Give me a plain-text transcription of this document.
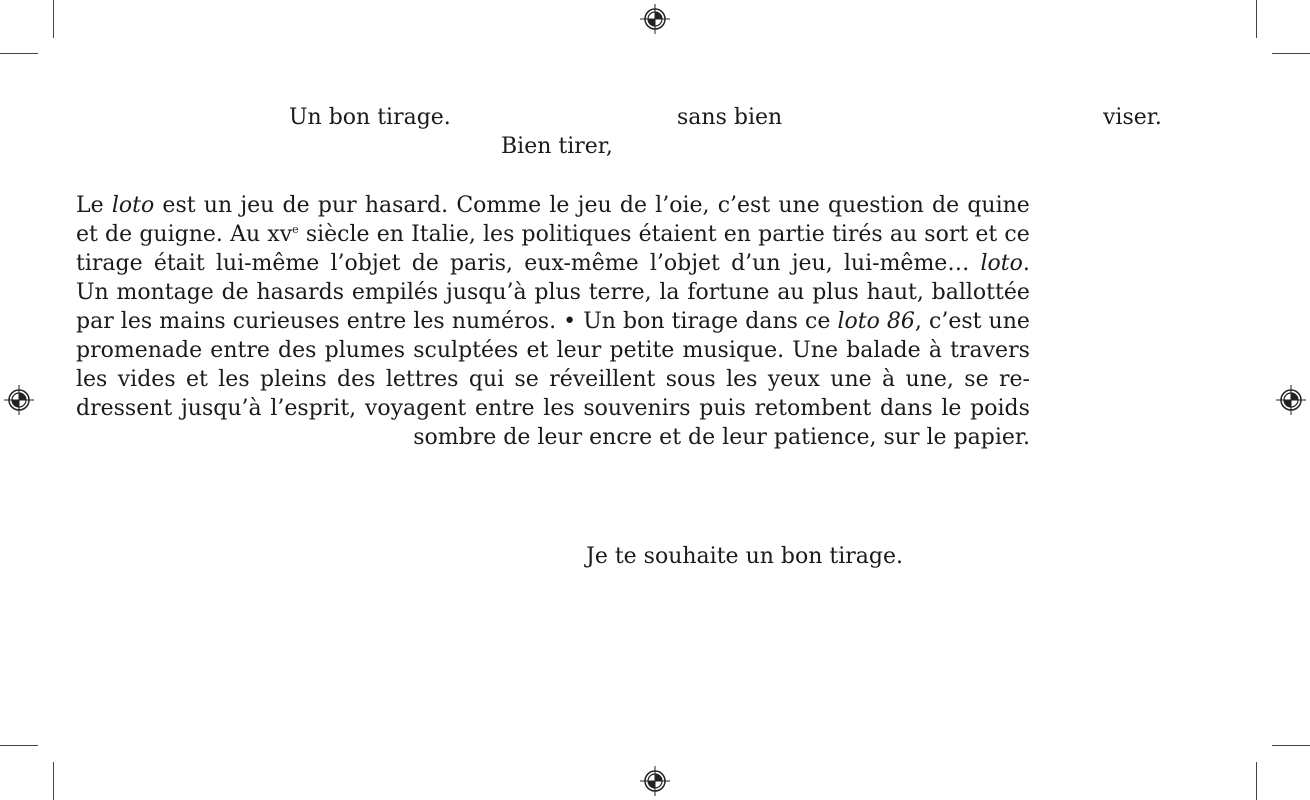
Un bon tirage.	sans bien	viser.
Bien tirer,
Le loto est un jeu de pur hasard. Comme le jeu de l’oie, c’est une question de quine
et de guigne. Au $xv^e$ siècle en Italie, les politiques étaient en partie tirés au sort et ce
tirage était lui-même l’objet de paris, eux-même l’objet d’un jeu, lui-même… loto.
Un montage de hasards empilés jusqu’à plus terre, la fortune au plus haut, ballottée
par les mains curieuses entre les numéros. • Un bon tirage dans ce loto 86, c’est une
promenade entre des plumes sculptées et leur petite musique. Une balade à travers
les vides et les pleins des lettres qui se réveillent sous les yeux une à une, se re-
dressent jusqu’à l’esprit, voyagent entre les souvenirs puis retombent dans le poids
sombre de leur encre et de leur patience, sur le papier.
Je te souhaite un bon tirage.
